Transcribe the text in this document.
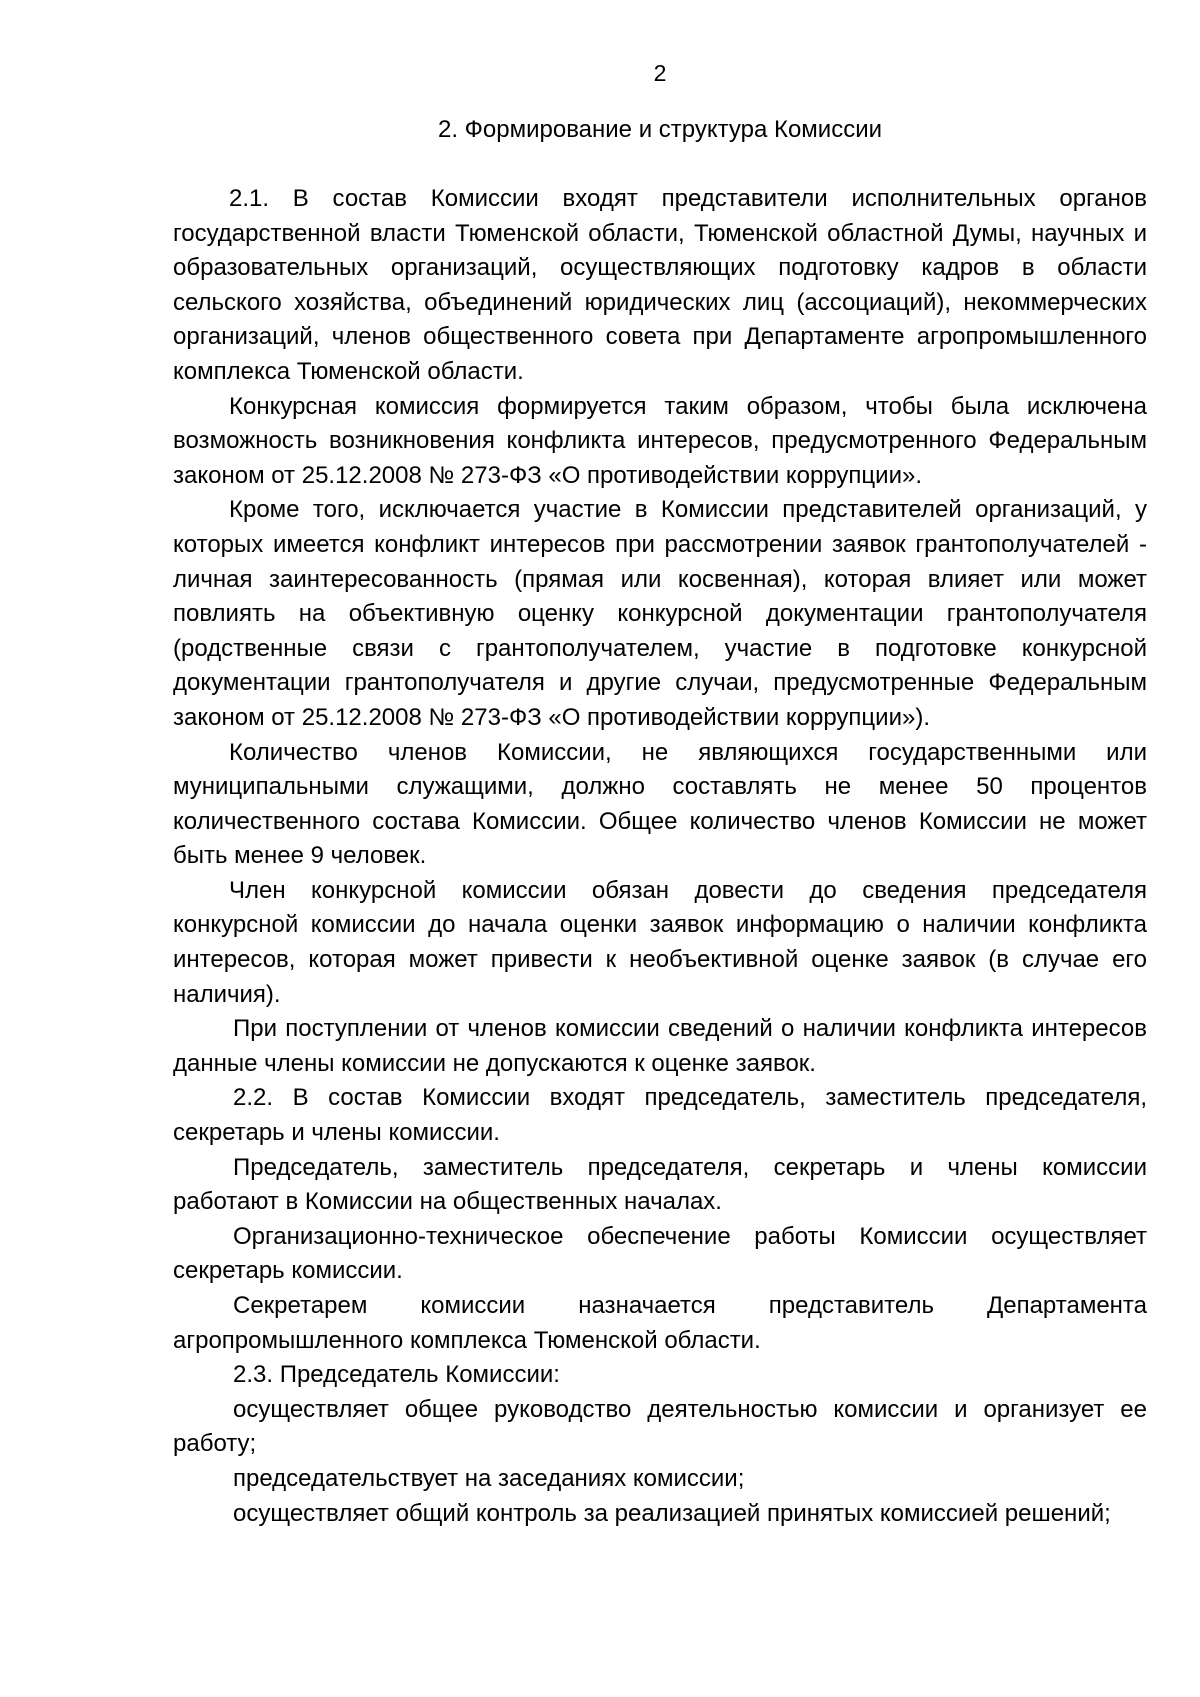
2
2. Формирование и структура Комиссии

2.1. В состав Комиссии входят представители исполнительных органов государственной власти Тюменской области, Тюменской областной Думы, научных и образовательных организаций, осуществляющих подготовку кадров в области сельского хозяйства, объединений юридических лиц (ассоциаций), некоммерческих организаций, членов общественного совета при Департаменте агропромышленного комплекса Тюменской области.

Конкурсная комиссия формируется таким образом, чтобы была исключена возможность возникновения конфликта интересов, предусмотренного Федеральным законом от 25.12.2008 № 273-ФЗ «О противодействии коррупции».

Кроме того, исключается участие в Комиссии представителей организаций, у которых имеется конфликт интересов при рассмотрении заявок грантополучателей - личная заинтересованность (прямая или косвенная), которая влияет или может повлиять на объективную оценку конкурсной документации грантополучателя (родственные связи с грантополучателем, участие в подготовке конкурсной документации грантополучателя и другие случаи, предусмотренные Федеральным законом от 25.12.2008 № 273-ФЗ «О противодействии коррупции»).

Количество членов Комиссии, не являющихся государственными или муниципальными служащими, должно составлять не менее 50 процентов количественного состава Комиссии. Общее количество членов Комиссии не может быть менее 9 человек.

Член конкурсной комиссии обязан довести до сведения председателя конкурсной комиссии до начала оценки заявок информацию о наличии конфликта интересов, которая может привести к необъективной оценке заявок (в случае его наличия).

При поступлении от членов комиссии сведений о наличии конфликта интересов данные члены комиссии не допускаются к оценке заявок.

2.2. В состав Комиссии входят председатель, заместитель председателя, секретарь и члены комиссии.

Председатель, заместитель председателя, секретарь и члены комиссии работают в Комиссии на общественных началах.

Организационно-техническое обеспечение работы Комиссии осуществляет секретарь комиссии.

Секретарем комиссии назначается представитель Департамента агропромышленного комплекса Тюменской области.

2.3. Председатель Комиссии:

осуществляет общее руководство деятельностью комиссии и организует ее работу;

председательствует на заседаниях комиссии;

осуществляет общий контроль за реализацией принятых комиссией решений;
